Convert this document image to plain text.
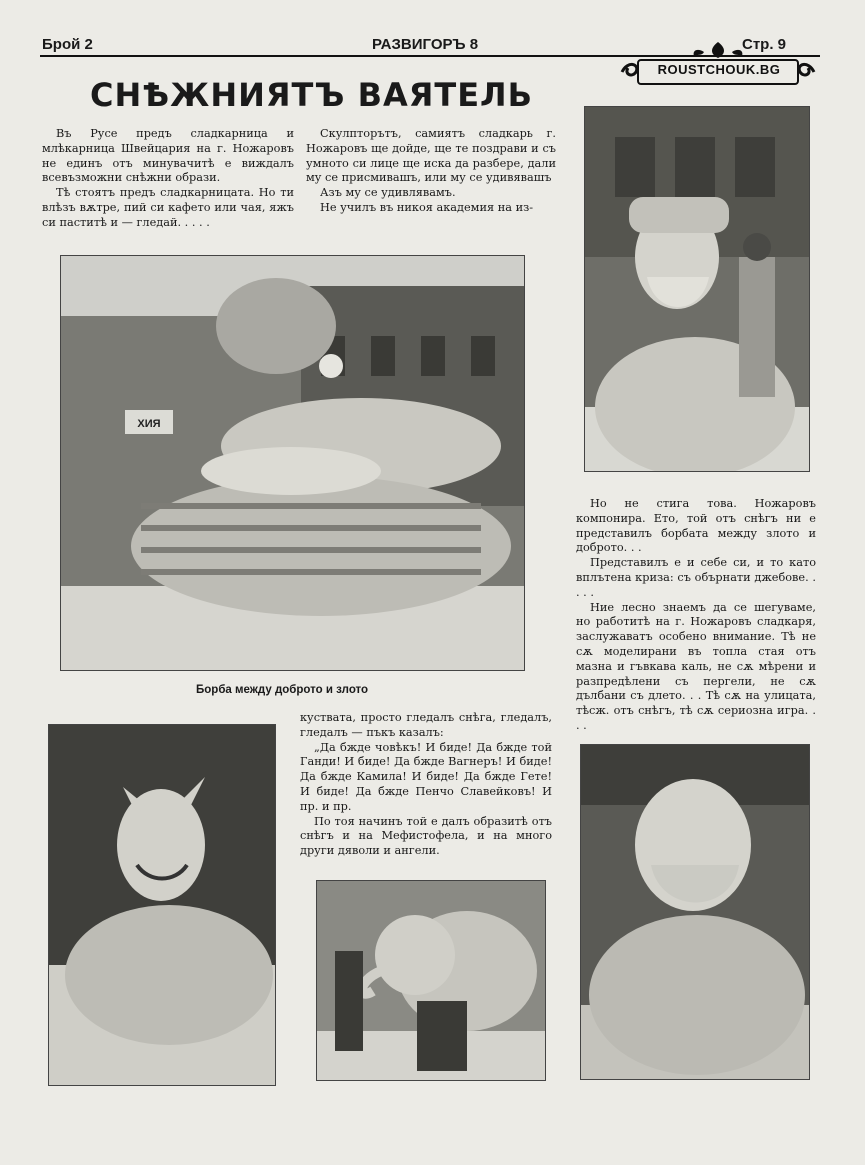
Брой 2	РАЗВИГОРЪ 8	Стр. 9
ROUSTCHOUK.BG
СНѢЖНИЯТЪ ВАЯТЕЛЬ

Въ Русе предъ сладкарница и млѣкарница Швейцария на г. Ножаровъ не единъ отъ минувачитѣ е виждалъ всевъзможни снѣжни образи.

Тѣ стоятъ предъ сладкарницата. Но ти влѣзъ вѫтре, пий си кафето или чая, яжъ си паститѣ и — гледай. . . . .

Скулпторътъ, самиятъ сладкарь г. Ножаровъ ще дойде, ще те поздрави и съ умното си лице ще иска да разбере, дали му се присмивашъ, или му се удивявашъ

Азъ му се удивлявамъ.

Не училъ въ никоя академия на из-

ХИЯ
Борба между доброто и злото

Но не стига това. Ножаровъ компонира. Ето, той отъ снѣгъ ни е представилъ борбата между злото и доброто. . .

Представилъ е и себе си, и то като вплътена криза: съ обърнати джебове. . . . .

Ние лесно знаемъ да се шегуваме, но работитѣ на г. Ножаровъ сладкаря, заслужаватъ особено внимание. Тѣ не сѫ моделирани въ топла стая отъ мазна и гъвкава каль, не сѫ мѣрени и разпредѣлени съ пергели, не сѫ дълбани съ длето. . . Тѣ сѫ на улицата, тѣсж. отъ снѣгъ, тѣ сѫ сериозна игра. . . .

куствата, просто гледалъ снѣга, гледалъ, гледалъ — пъкъ казалъ:

„Да бжде човѣкъ! И биде! Да бжде той Ганди! И биде! Да бжде Вагнеръ! И биде! Да бжде Камила! И биде! Да бжде Гете! И биде! Да бжде Пенчо Славейковъ! И пр. и пр.

По тоя начинъ той е далъ образитѣ отъ снѣгъ и на Мефистофела, и на много други дяволи и ангели.
